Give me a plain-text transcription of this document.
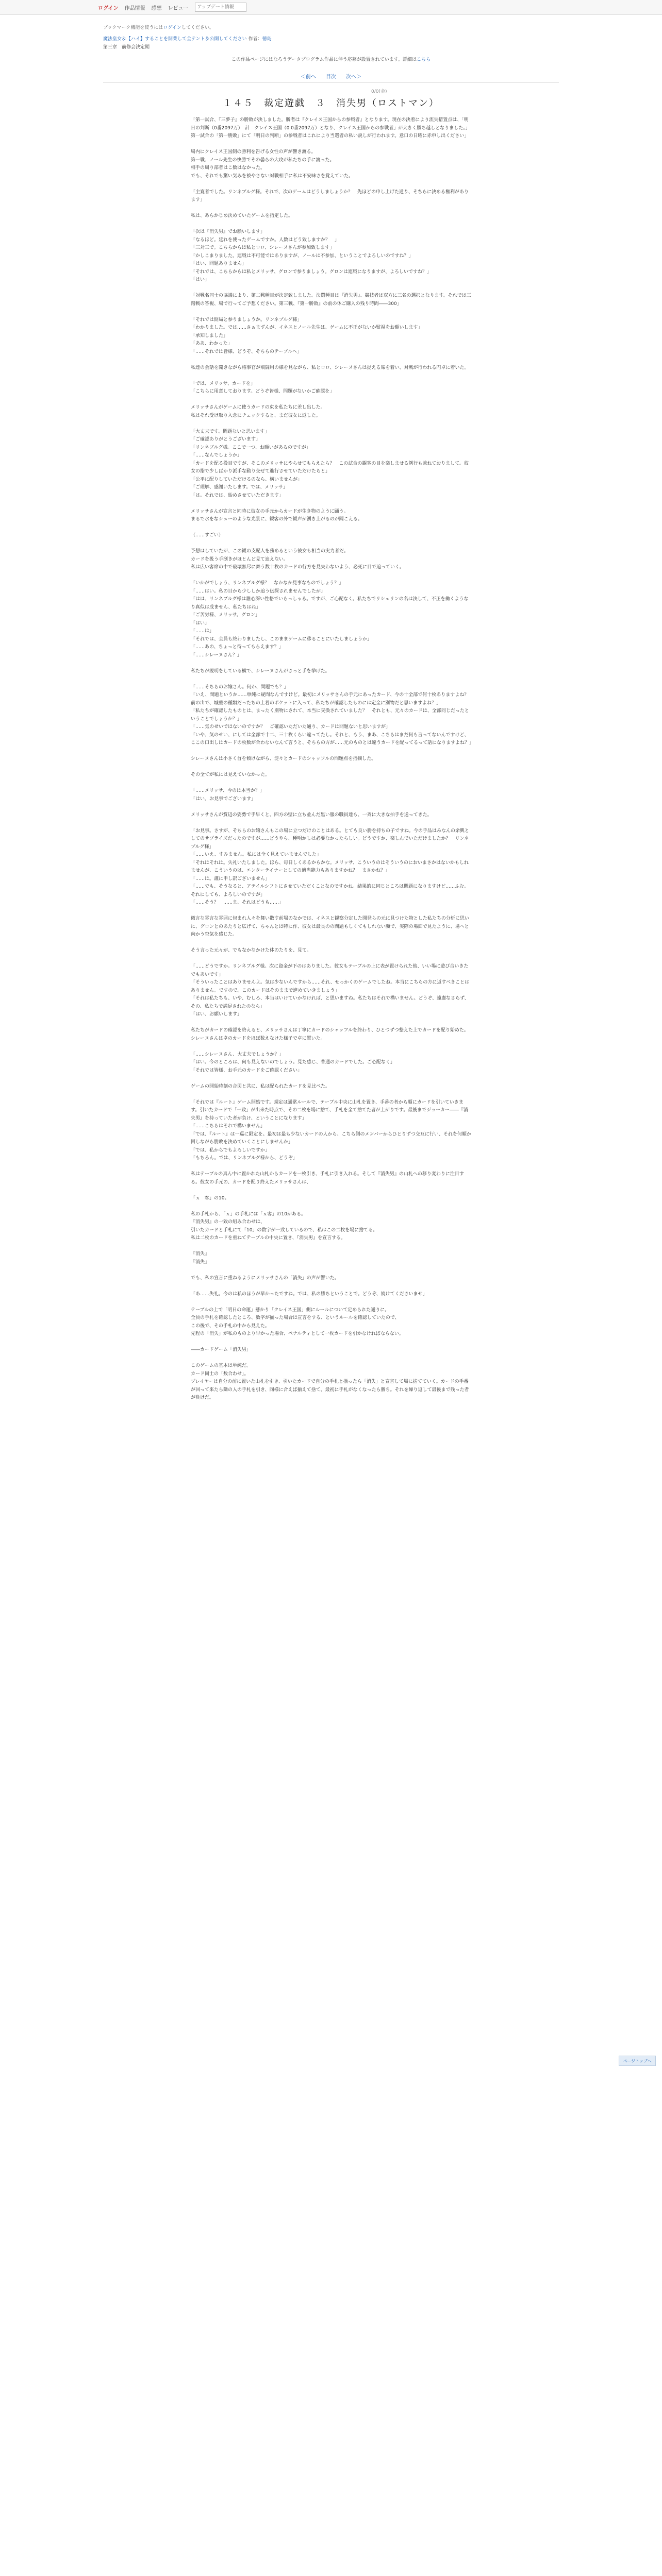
ログイン 作品情報 感想 レビュー
アップデート情報
ブックマーク機能を使うにはログインしてください。
魔法皇女＆【ハイ】することを開業して全テント＆公開してください 作者：徳島
第三章　前修会決定期
この作品ページにはなろうデータプログラム作品に伴う応募が設置されています。詳細はこちら
＜前へ 目次 次へ＞
0/0(金)
１４５　裁定遊戯　３　消失男（ロストマン）

「第一試合、『三夢子』の勝敗が決しました。勝者は『クレイス王国からの参戦者』となります。現在の決着により流失措置点は、「明日の判断（0番2097万）　計　クレイス王国（0 0番2097万）となり、クレイス王国からの参戦者」が大きく勝ち越しとなりました。」

第一試合の「第一勝敗」にて「明日の判断」の参戦者はこれにより当選者の私い説しが行われます。意口の日曜に赤申し出ください」

場内にクレイス王国側の勝利を告げる女性の声が響き渡る。

第一戦、ノール先生の快勝でその曇らの大攻が私たちの手に渡った。

相手の周り部者はこ数はなかった。

でも、それでも驚い気みを被やさない対戦相手に私は不安味さを覚えていた。

「主寛者でした。リンネブルグ様。それで、次のゲームはどうしましょうか？　先ほどの申し上げた通り、そちらに決める権利があります」

私は、あらかじめ決めていたゲームを指定した。

「次は『消失男』でお願いします」

「なるほど。延れを使ったゲームですか。人数はどう致しますか？　」

「三対三で。こちらからは私とロロ、シレーヌさんが参加致します」

「かしこまりました。連戦は不可能ではありますが、ノールは不参加、ということでよろしいのですね？」

「はい、問題ありません」

「それでは、こちらからは私とメリッサ、グロンで参りましょう。グロンは連戦になりますが、よろしいですね？」

「はい」

「対戦名同士の協議により、第二戦種目が決定致しました。決闘種目は『消失男』、競技者は双方に三名の選択となります。それでは三階戦の答視、場で行ってご予想ください。第三戦、『第一勝敗』の前の休ご購入の残り時間――300」

「それでは開局と参りましょうか。リンネブルグ様」

「わかりました。では……さぁまずんが、イネスとノール先生は、ゲームに不正がないか監視をお願いします」

「承知しました」

「ああ、わかった」

「……それでは皆様、どうぞ、そちらのテーブルへ」

私達の会話を聞きながら権事官が飛闘用の様を見ながら、私とロロ、シレーヌさんは捉える席を着い、対戦が行われる円卓に着いた。

「では、メリッサ、カードを」

「こちらに用意しております。どうぞ皆様、問題がないかご確認を」

メリッサさんがゲームに使うカードの束を私たちに差し出した。

私はそれ受け取り入念にチェックすると、まだ彼女に返した。

「大丈夫です。問題ないと思います」

「ご確認ありがとうございます」

「リンネブルグ様。ここで一つ、お願いがあるのですが」

「……なんでしょうか」

「カードを配る役目ですが、そこのメリッサにやらせてもらえたら？　この試合の観客の目を楽しませる例行も兼ねておりまして。彼女の指で少しばかり派手な動り交ぜて進行させていただけたらと」

「公平に配りしていただけるのなら、構いませんが」

「ご理解、感謝いたします。では、メリッサ」

「は。それでは、始めさせていただきます」

メリッサさんが宣言と同時に彼女の手元からカードが生き物のように踊う。

まるで水をなシューのような光景に、観客の外で観声が湧き上がるのが聞こえる。

（……すごい）

予想はしていたが、この観の支配人を務めるという彼女も相当の実力者だ。

カードを扱う手捌きがほとんど見て追えない。

私は広い客席の中で破壊無尽に舞う数十枚のカードの行方を見失わないよう、必死に目で追っていく。

「いかがでしょう、リンネブルグ様？　なかなか見事なものでしょう？」

「……はい。私の目から少ししか追う伝探されませんでしたが」

「はは、リンネブルグ様は雑心深い性格でいらっしゃる。ですが、ご心配なく。私たちでリシェリンの名は決して、不正を働くようなり真似は成ません、私たちはね」

「ご苦労様、メリッサ。グロン」

「はい」

「……は」

「それでは、全員も終わりましたし、このままゲームに移ることにいたしましょうか」

「……あの、ちょっと待ってもらえます？」

「……シレーヌさん？」

私たちが説明をしている横で、シレーヌさんがさっと手を挙げた。

「……そちらのお嬢さん。何か、問題でも？」

「いえ、問題というか……単純に疑問なんですけど。最初にメリッサさんの手元にあったカード、今の十全部で何十枚ありますよね？　前の出で、城壁の種類だったちの上着のポケットに入って、私たちが確認したものには定全に別物だと思いますよね？」

「私たちが確認したものとは、まったく別物にされて、本当に交換されていました？　それとも、元々のカードは、全部同じだったということでしょうか？」

「……気のせいではないのですか？　ご確認いただいた通り、カードは問題ないと思いますが」

「いや、気のせい、にしては全部で十二、三十枚くらい違ってたし。それと、もう、まあ、こちらはまだ何も言ってないんですけど、ここの口出しはカードの枚数が合わないなんて言うと、そちらの方が……元のものとは違うカードを配ってるって話になりますよね？」

シレーヌさんは小さく首を傾けながら、淀々とカードのシャッフルの問題点を指摘した。

その全てが私には見えていなかった。

「……メリッサ、今のは本当か？」

「はい。お見事でございます」

メリッサさんが賞辺の姿勢で手早くと、四方の壁に立ち並んだ黒い服の職員達も、一斉に大きな拍手を送ってきた。

「お見事。さすが、そちらのお嬢さんもこの場に立つだけのことはある。とても良い勝を持ちの子ですね。今の手品はみなんの余興としてのサプライズだったのですが……どうやら、種明かしは必要なかったらしい。どうですか、楽しんでいただけましたか？　リンネブルグ様」

「……いえ、すみません。私には全く見えていませんでした」

「それはそれは。失礼いたしました。ほら、毎日しくあるからかな。メリッサ、こういうのはそういうのにおいまさかはないかもしれませんが、こういうのは、エンターテイナーとしての適当能力もありますかね？　まさかね？」

「……は。謹に申し訳ございません」

「……でも、そうなると、アテイルシフトにさせていただくことなのですかね。結果的に同じところは問題になりますけど……ふむ。それにしても、よろしいのですが」

「……そう？　……ま、それはどうも……」

微言な雰言な雰囲に包まれ人々を舞い散す前場のなかでは、イネスと観察分定した開発らの元に見つけた物とした私たちの分析に思いに、グロンとのあたりと広げて、ちゃんとは特に作、彼女は最長のの問題もしくてもしれない顔で、実際の場面で見たように、場へと向かう空気を感じた。

そう言った元々が、でもなかなかけた体のたりを、見て。

「……どうですか。リンネブルグ様。次に資金が下のはありました。彼女もテーブルの上に表が置けられた他、いい場に遊び合いきたでもあいです」

「そういったことはありませんよ。気は少ないんですから……それ、せっかくのゲームでしたね。本当にこちらの方に返すべきことはありません。ですので。このカードはそのままで進めていきましょう」

「それは私たちも、いや、むしろ、本当はいけていかなければ、と思いますね。私たちはそれで構いません。どうぞ、遠慮なさらず、その、私たちで満足されたのなら」

「はい、お願いします」

私たちがカードの確認を終えると、メリッサさんは丁寧にカードのシャッフルを終わり、ひとつずつ整えた上でカードを配り始めた。

シレーヌさんは卓のカードをほぼ数えなけた様子で卓に置いた。

「……シレーヌさん、大丈夫でしょうか？」

「はい。今のところは、何も見えないのでしょう。見た感じ、普通のカードでした。ご心配なく」

「それでは皆様、お手元のカードをご確認ください」

ゲームの開始時刻の合図と共に、私は配られたカードを見比べた。

「それでは『ルート』ゲーム開始です。規定は通常ルールで、テーブル中央に山札を置き、手番の者から順にカードを引いていきます。引いたカードで「一致」が出来た時点で、その二枚を場に捨て、手札を全て捨てた者が上がりです。最後までジョーカー――『消失男』を持っていた者が負け、ということになります」

「……こちらはそれで構いません」

「では、『ルート』は一巡に限定を。最初は最も少ないカードの人から、こちら側のメンバーからひとりずつ交互に行い、それを何順か回しながら勝敗を決めていくことにしませんか」

「では、私からでもよろしいですか」

「もちろん。では、リンネブルグ様から、どうぞ」

私はテーブルの真ん中に置かれた山札からカードを一枚引き、手札に引き入れる。そして『消失男』の山札への移り変わりに注目する。彼女の手元の、カードを配り終えたメリッサさんは、

「ｘ　客」の10。

私の手札から、「ｘ」の手札には「ｘ客」の10がある。

『消失男』の一致の組み合わせは、

引いたカードと手札にて「10」の数字が一致しているので、私はこの二枚を場に捨てる。

私は二枚のカードを重ねてテーブルの中央に置き、『消失男』を宣言する。

『消失』

『消失』

でも、私の宣言に重ねるようにメリッサさんの「消失」の声が響いた。

「あ……失礼。今のは私のほうが早かったですね。では、私の勝ちということで。どうぞ、続けてくださいませ」

テーブルの上で「明日の命運」懸かり「クレイス王国」側にルールについて定められた通りに。

全員の手札を確認したところ、数字が揃った場合は宣言をする、というルールを確認していたので、

この後で、その手札の中から見えた。

先程の「消失」が私のものより早かった場合、ペナルティとして一枚カードを引かなければならない。

――カードゲーム「消失男」

このゲームの基本は単純だ。

カード同士の「数合わせ」。

プレイヤーは自分の前に置いた山札を引き、引いたカードで自分の手札と揃ったら「消失」と宣言して場に捨てていく。カードの手番が回って来たら隣の人の手札を引き、同様に合えば揃えて捨て、最初に手札がなくなったら勝ち。それを繰り返して最後まで残った者が負けだ。

ページトップへ
